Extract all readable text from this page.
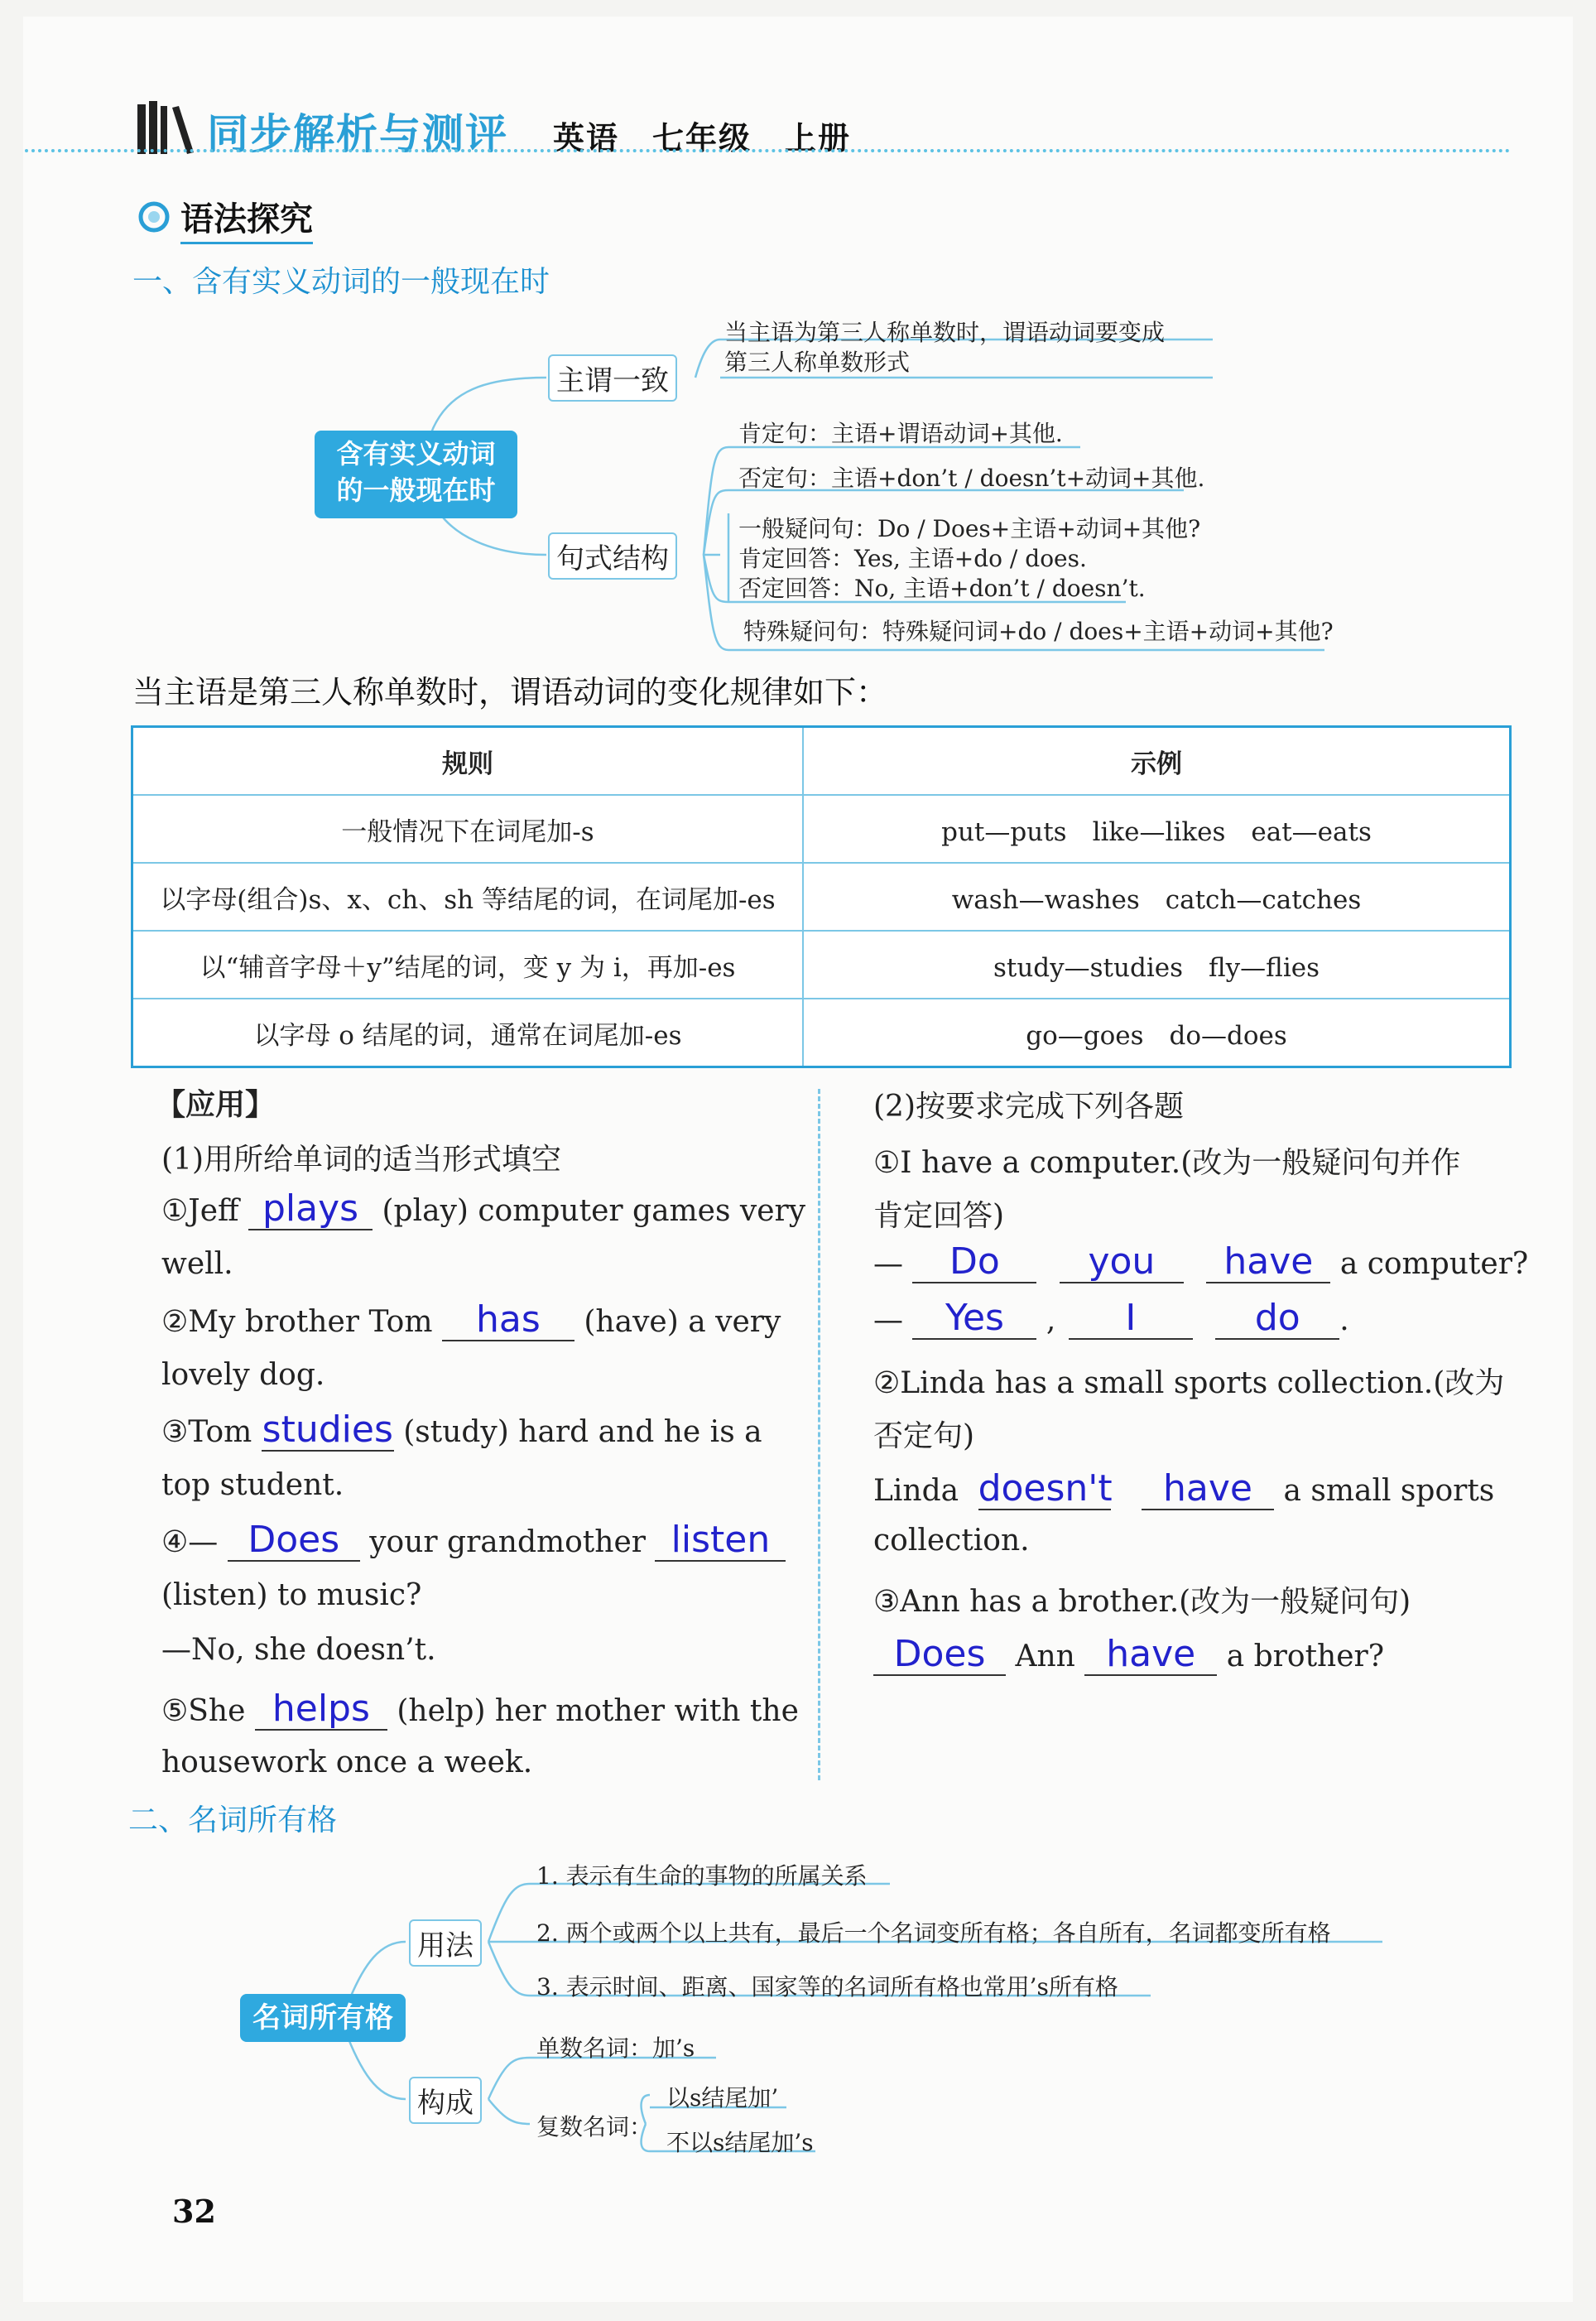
同步解析与测评 英语　七年级　上册
语法探究
一、含有实义动词的一般现在时
含有实义动词
的一般现在时
主谓一致
当主语为第三人称单数时，谓语动词要变成
第三人称单数形式
句式结构
肯定句：主语+谓语动词+其他.
否定句：主语+don’t / doesn’t+动词+其他.
一般疑问句：Do / Does+主语+动词+其他?
肯定回答：Yes, 主语+do / does.
否定回答：No, 主语+don’t / doesn’t.
特殊疑问句：特殊疑问词+do / does+主语+动词+其他?
当主语是第三人称单数时，谓语动词的变化规律如下：
规则	示例
一般情况下在词尾加-s	put—puts　like—likes　eat—eats
以字母(组合)s、x、ch、sh 等结尾的词，在词尾加-es	wash—washes　catch—catches
以“辅音字母＋y”结尾的词，变 y 为 i，再加-es	study—studies　fly—flies
以字母 o 结尾的词，通常在词尾加-es	go—goes　do—does
【应用】
(1)用所给单词的适当形式填空
①Jeff plays (play) computer games very
well.
②My brother Tom has (have) a very
lovely dog.
③Tom studies (study) hard and he is a
top student.
④— Does your grandmother listen
(listen) to music?
—No, she doesn’t.
⑤She helps (help) her mother with the
housework once a week.
(2)按要求完成下列各题
①I have a computer.(改为一般疑问句并作
肯定回答)
— Do you have a computer?
— Yes , I	do .
②Linda has a small sports collection.(改为
否定句)
Linda doesn't have a small sports
collection.
③Ann has a brother.(改为一般疑问句)
Does Ann have a brother?
二、名词所有格
名词所有格
用法
构成
1. 表示有生命的事物的所属关系
2. 两个或两个以上共有，最后一个名词变所有格；各自所有，名词都变所有格
3. 表示时间、距离、国家等的名词所有格也常用’s所有格
单数名词：加’s
复数名词：
以s结尾加’
不以s结尾加’s
32
